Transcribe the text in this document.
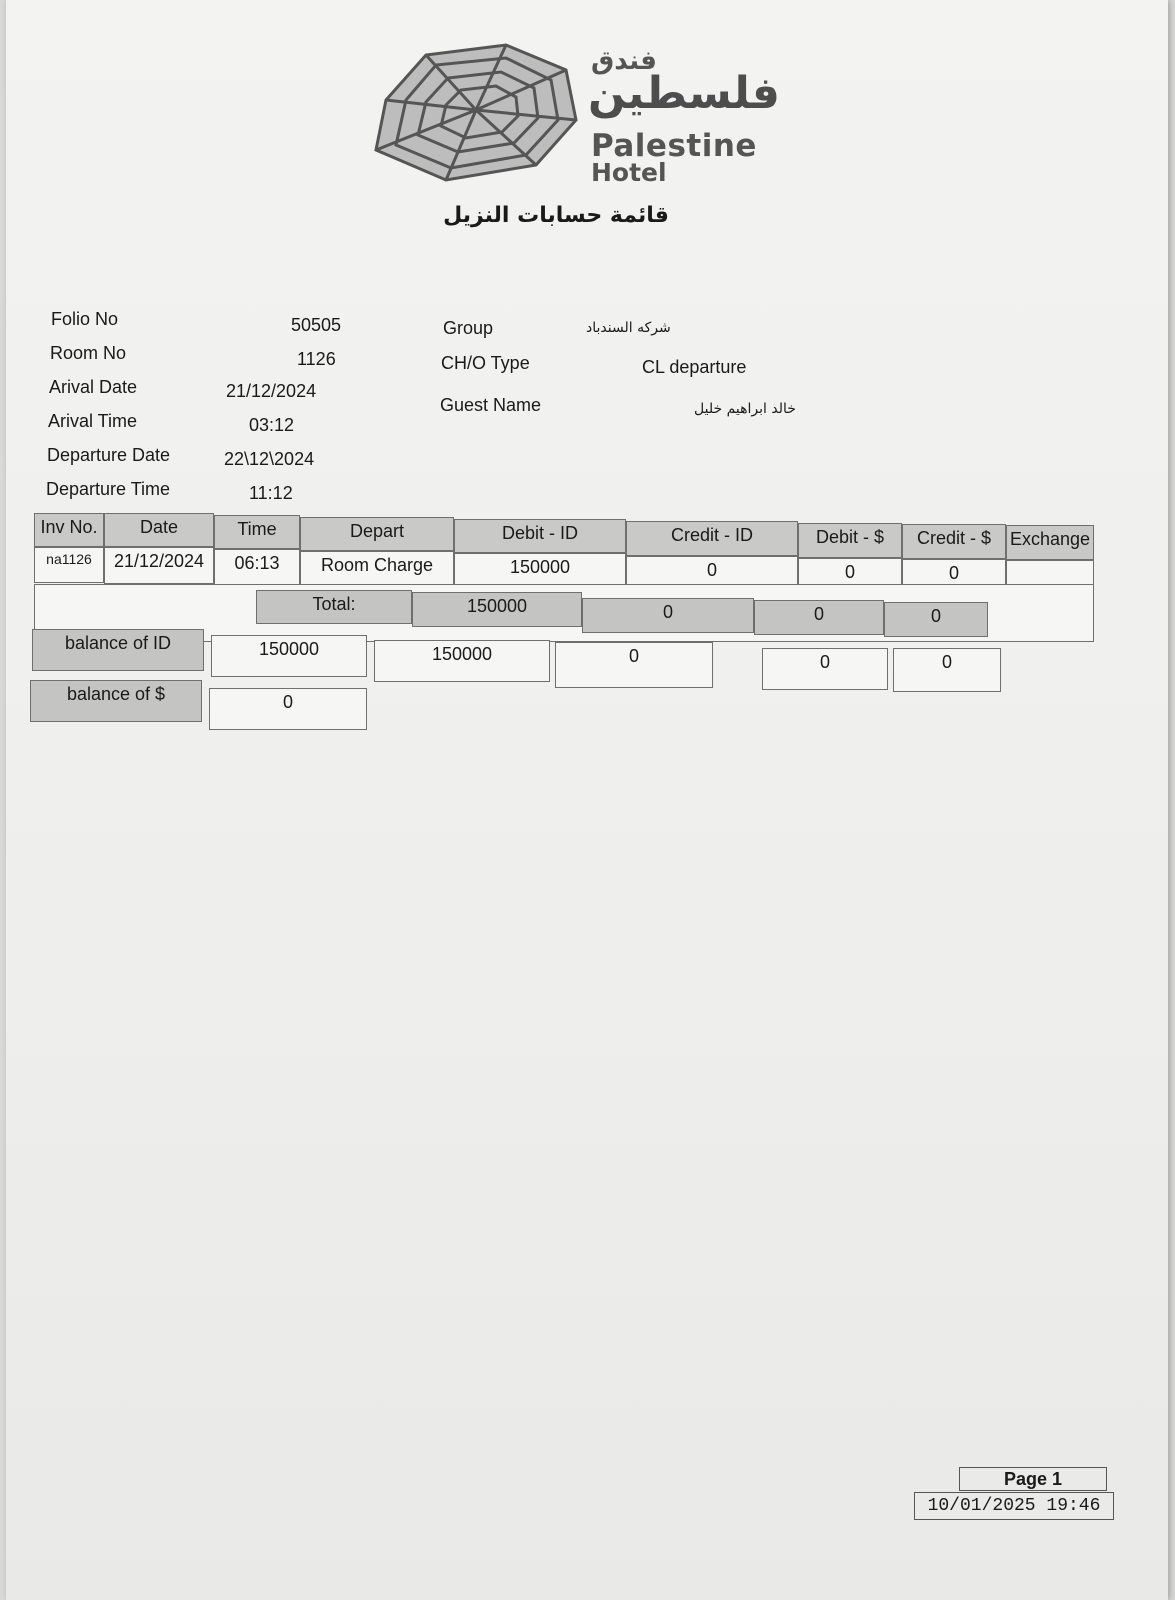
فندق
فلسطين
Palestine
Hotel
قائمة حسابات النزيل
Folio No	50505
Room No	1126
Arival Date	21/12/2024
Arival Time	03:12
Departure Date	22\12\2024
Departure Time	11:12
Group	شركه السندباد
CH/O Type	CL departure
Guest Name	خالد ابراهيم خليل
Inv No.	Date	Time	Depart	Debit - ID	Credit - ID	Debit - $	Credit - $	Exchange
na1126	21/12/2024	06:13	Room Charge	150000	0	0	0
Total:	150000	0	0	0
balance of ID	150000	150000	0	0	0
balance of $	0
Page 1
10/01/2025 19:46
